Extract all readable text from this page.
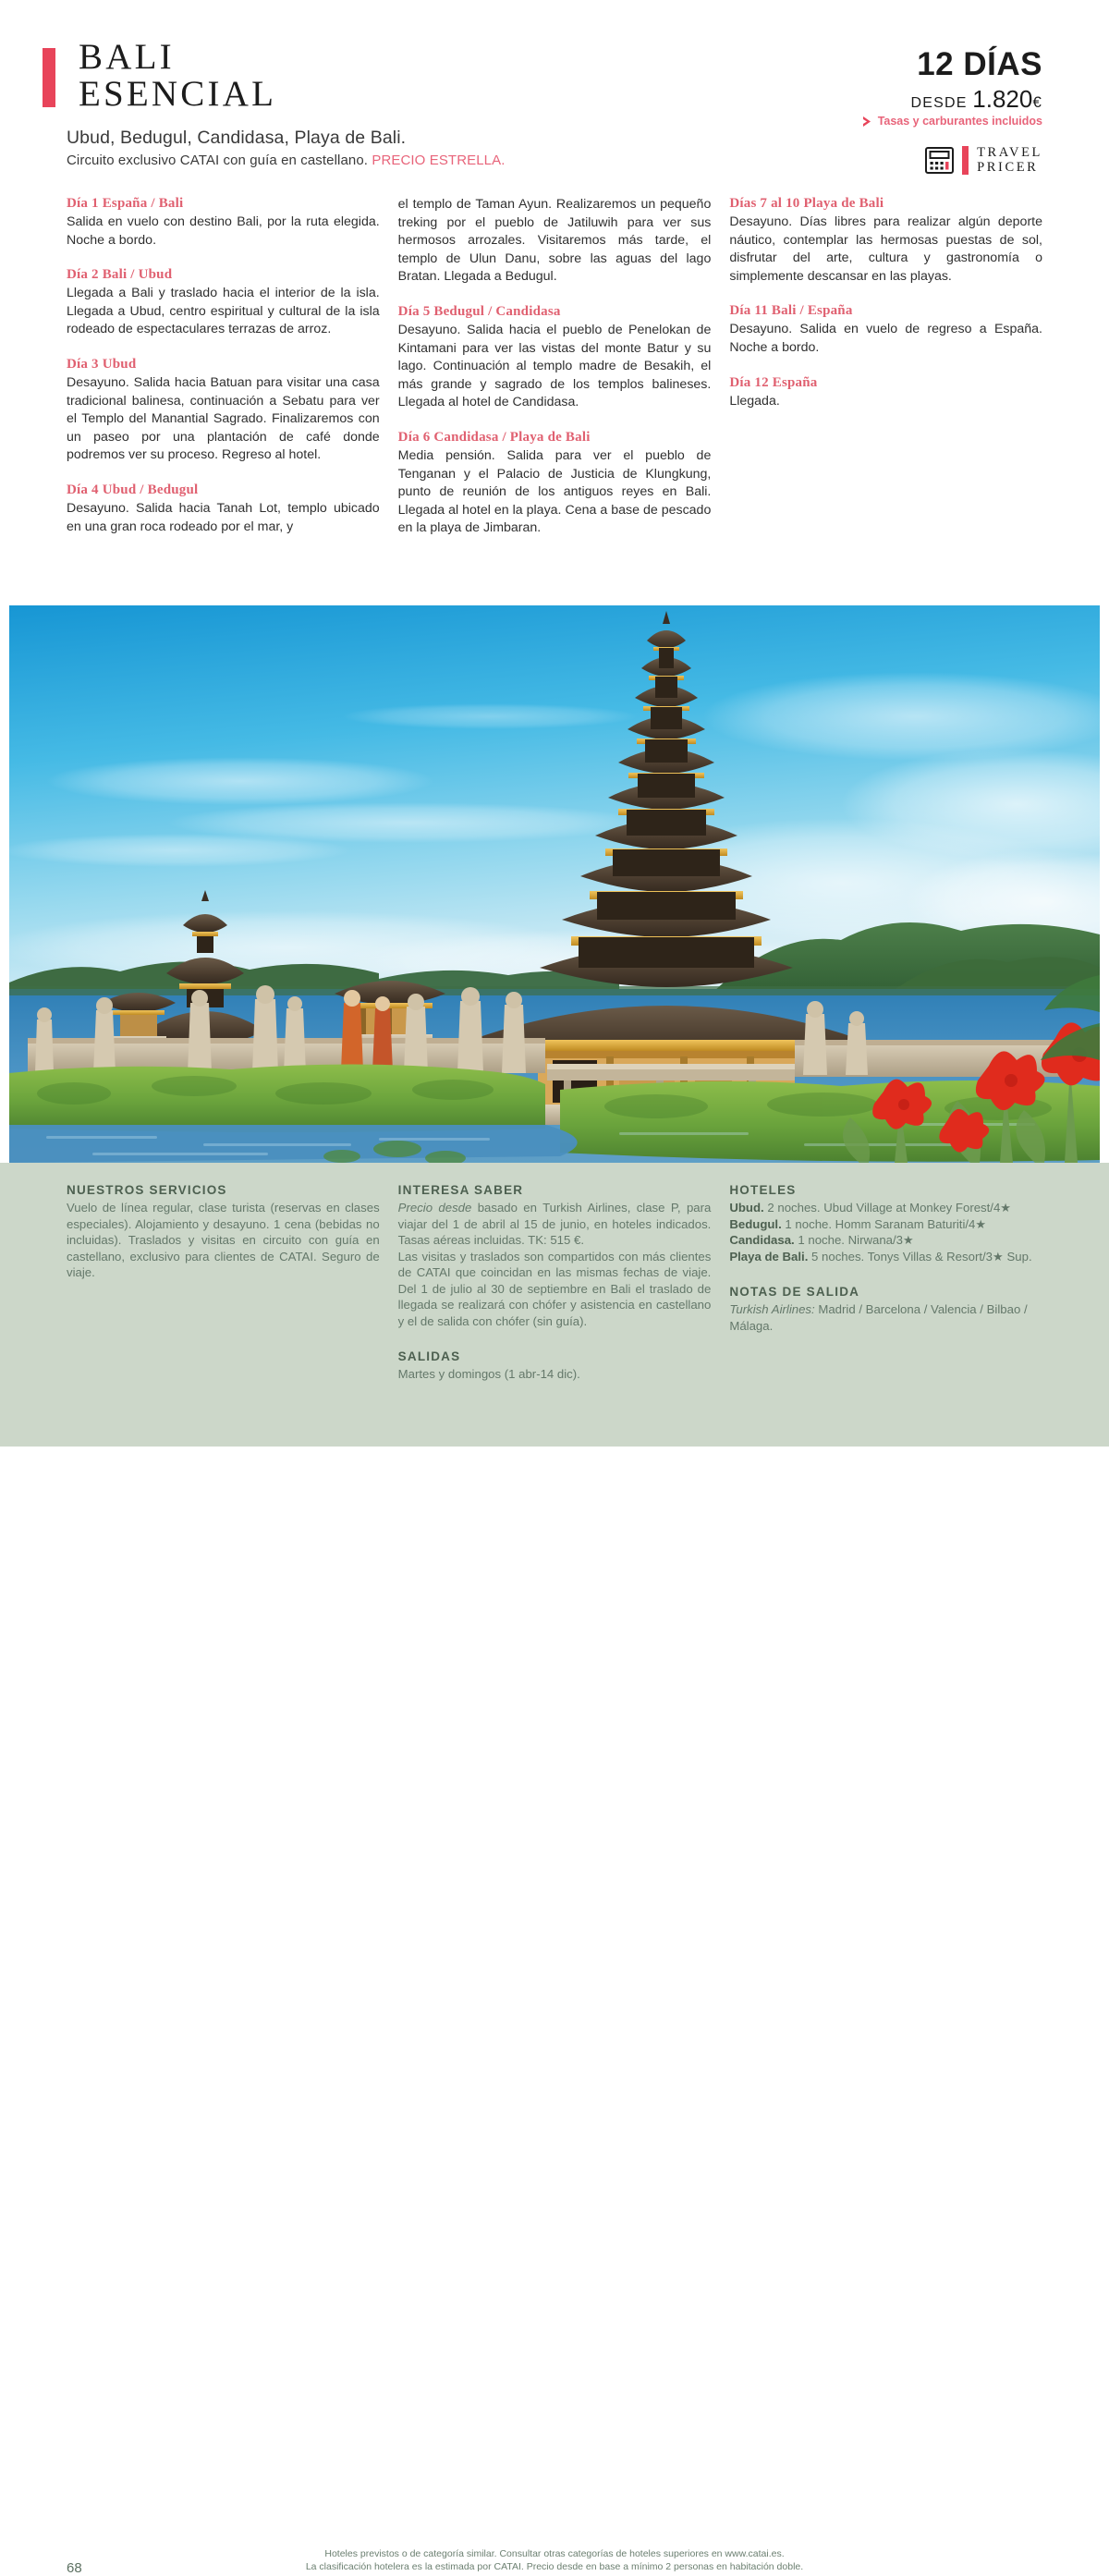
BALI
ESENCIAL
Ubud, Bedugul, Candidasa, Playa de Bali.
Circuito exclusivo CATAI con guía en castellano. PRECIO ESTRELLA.
12 DÍAS
DESDE 1.820€
Tasas y carburantes incluidos
TRAVEL
PRICER
Día 1 España / Bali

Salida en vuelo con destino Bali, por la ruta elegida. Noche a bordo.

Día 2 Bali / Ubud

Llegada a Bali y traslado hacia el interior de la isla. Llegada a Ubud, centro espiritual y cultural de la isla rodeado de espectaculares terrazas de arroz.

Día 3 Ubud

Desayuno. Salida hacia Batuan para visitar una casa tradicional balinesa, continuación a Sebatu para ver el Templo del Manantial Sagrado. Finalizaremos con un paseo por una plantación de café donde podremos ver su proceso. Regreso al hotel.

Día 4 Ubud / Bedugul

Desayuno. Salida hacia Tanah Lot, templo ubicado en una gran roca rodeado por el mar, y

el templo de Taman Ayun. Realizaremos un pequeño treking por el pueblo de Jatiluwih para ver sus hermosos arrozales. Visitaremos más tarde, el templo de Ulun Danu, sobre las aguas del lago Bratan. Llegada a Bedugul.

Día 5 Bedugul / Candidasa

Desayuno. Salida hacia el pueblo de Penelokan de Kintamani para ver las vistas del monte Batur y su lago. Continuación al templo madre de Besakih, el más grande y sagrado de los templos balineses. Llegada al hotel de Candidasa.

Día 6 Candidasa / Playa de Bali

Media pensión. Salida para ver el pueblo de Tenganan y el Palacio de Justicia de Klungkung, punto de reunión de los antiguos reyes en Bali. Llegada al hotel en la playa. Cena a base de pescado en la playa de Jimbaran.

Días 7 al 10 Playa de Bali

Desayuno. Días libres para realizar algún deporte náutico, contemplar las hermosas puestas de sol, disfrutar del arte, cultura y gastronomía o simplemente descansar en las playas.

Día 11 Bali / España

Desayuno. Salida en vuelo de regreso a España. Noche a bordo.

Día 12 España

Llegada.

NUESTROS SERVICIOS

Vuelo de línea regular, clase turista (reservas en clases especiales). Alojamiento y desayuno. 1 cena (bebidas no incluidas). Traslados y visitas en circuito con guía en castellano, exclusivo para clientes de CATAI. Seguro de viaje.

INTERESA SABER

Precio desde basado en Turkish Airlines, clase P, para viajar del 1 de abril al 15 de junio, en hoteles indicados. Tasas aéreas incluidas. TK: 515 €.

Las visitas y traslados son compartidos con más clientes de CATAI que coincidan en las mismas fechas de viaje. Del 1 de julio al 30 de septiembre en Bali el traslado de llegada se realizará con chófer y asistencia en castellano y el de salida con chófer (sin guía).

SALIDAS

Martes y domingos (1 abr-14 dic).

HOTELES

Ubud. 2 noches. Ubud Village at Monkey Forest/4★

Bedugul. 1 noche. Homm Saranam Baturiti/4★

Candidasa. 1 noche. Nirwana/3★

Playa de Bali. 5 noches. Tonys Villas & Resort/3★ Sup.

NOTAS DE SALIDA

Turkish Airlines: Madrid / Barcelona / Valencia / Bilbao / Málaga.

68
Hoteles previstos o de categoría similar. Consultar otras categorías de hoteles superiores en www.catai.es.
La clasificación hotelera es la estimada por CATAI. Precio desde en base a mínimo 2 personas en habitación doble.
